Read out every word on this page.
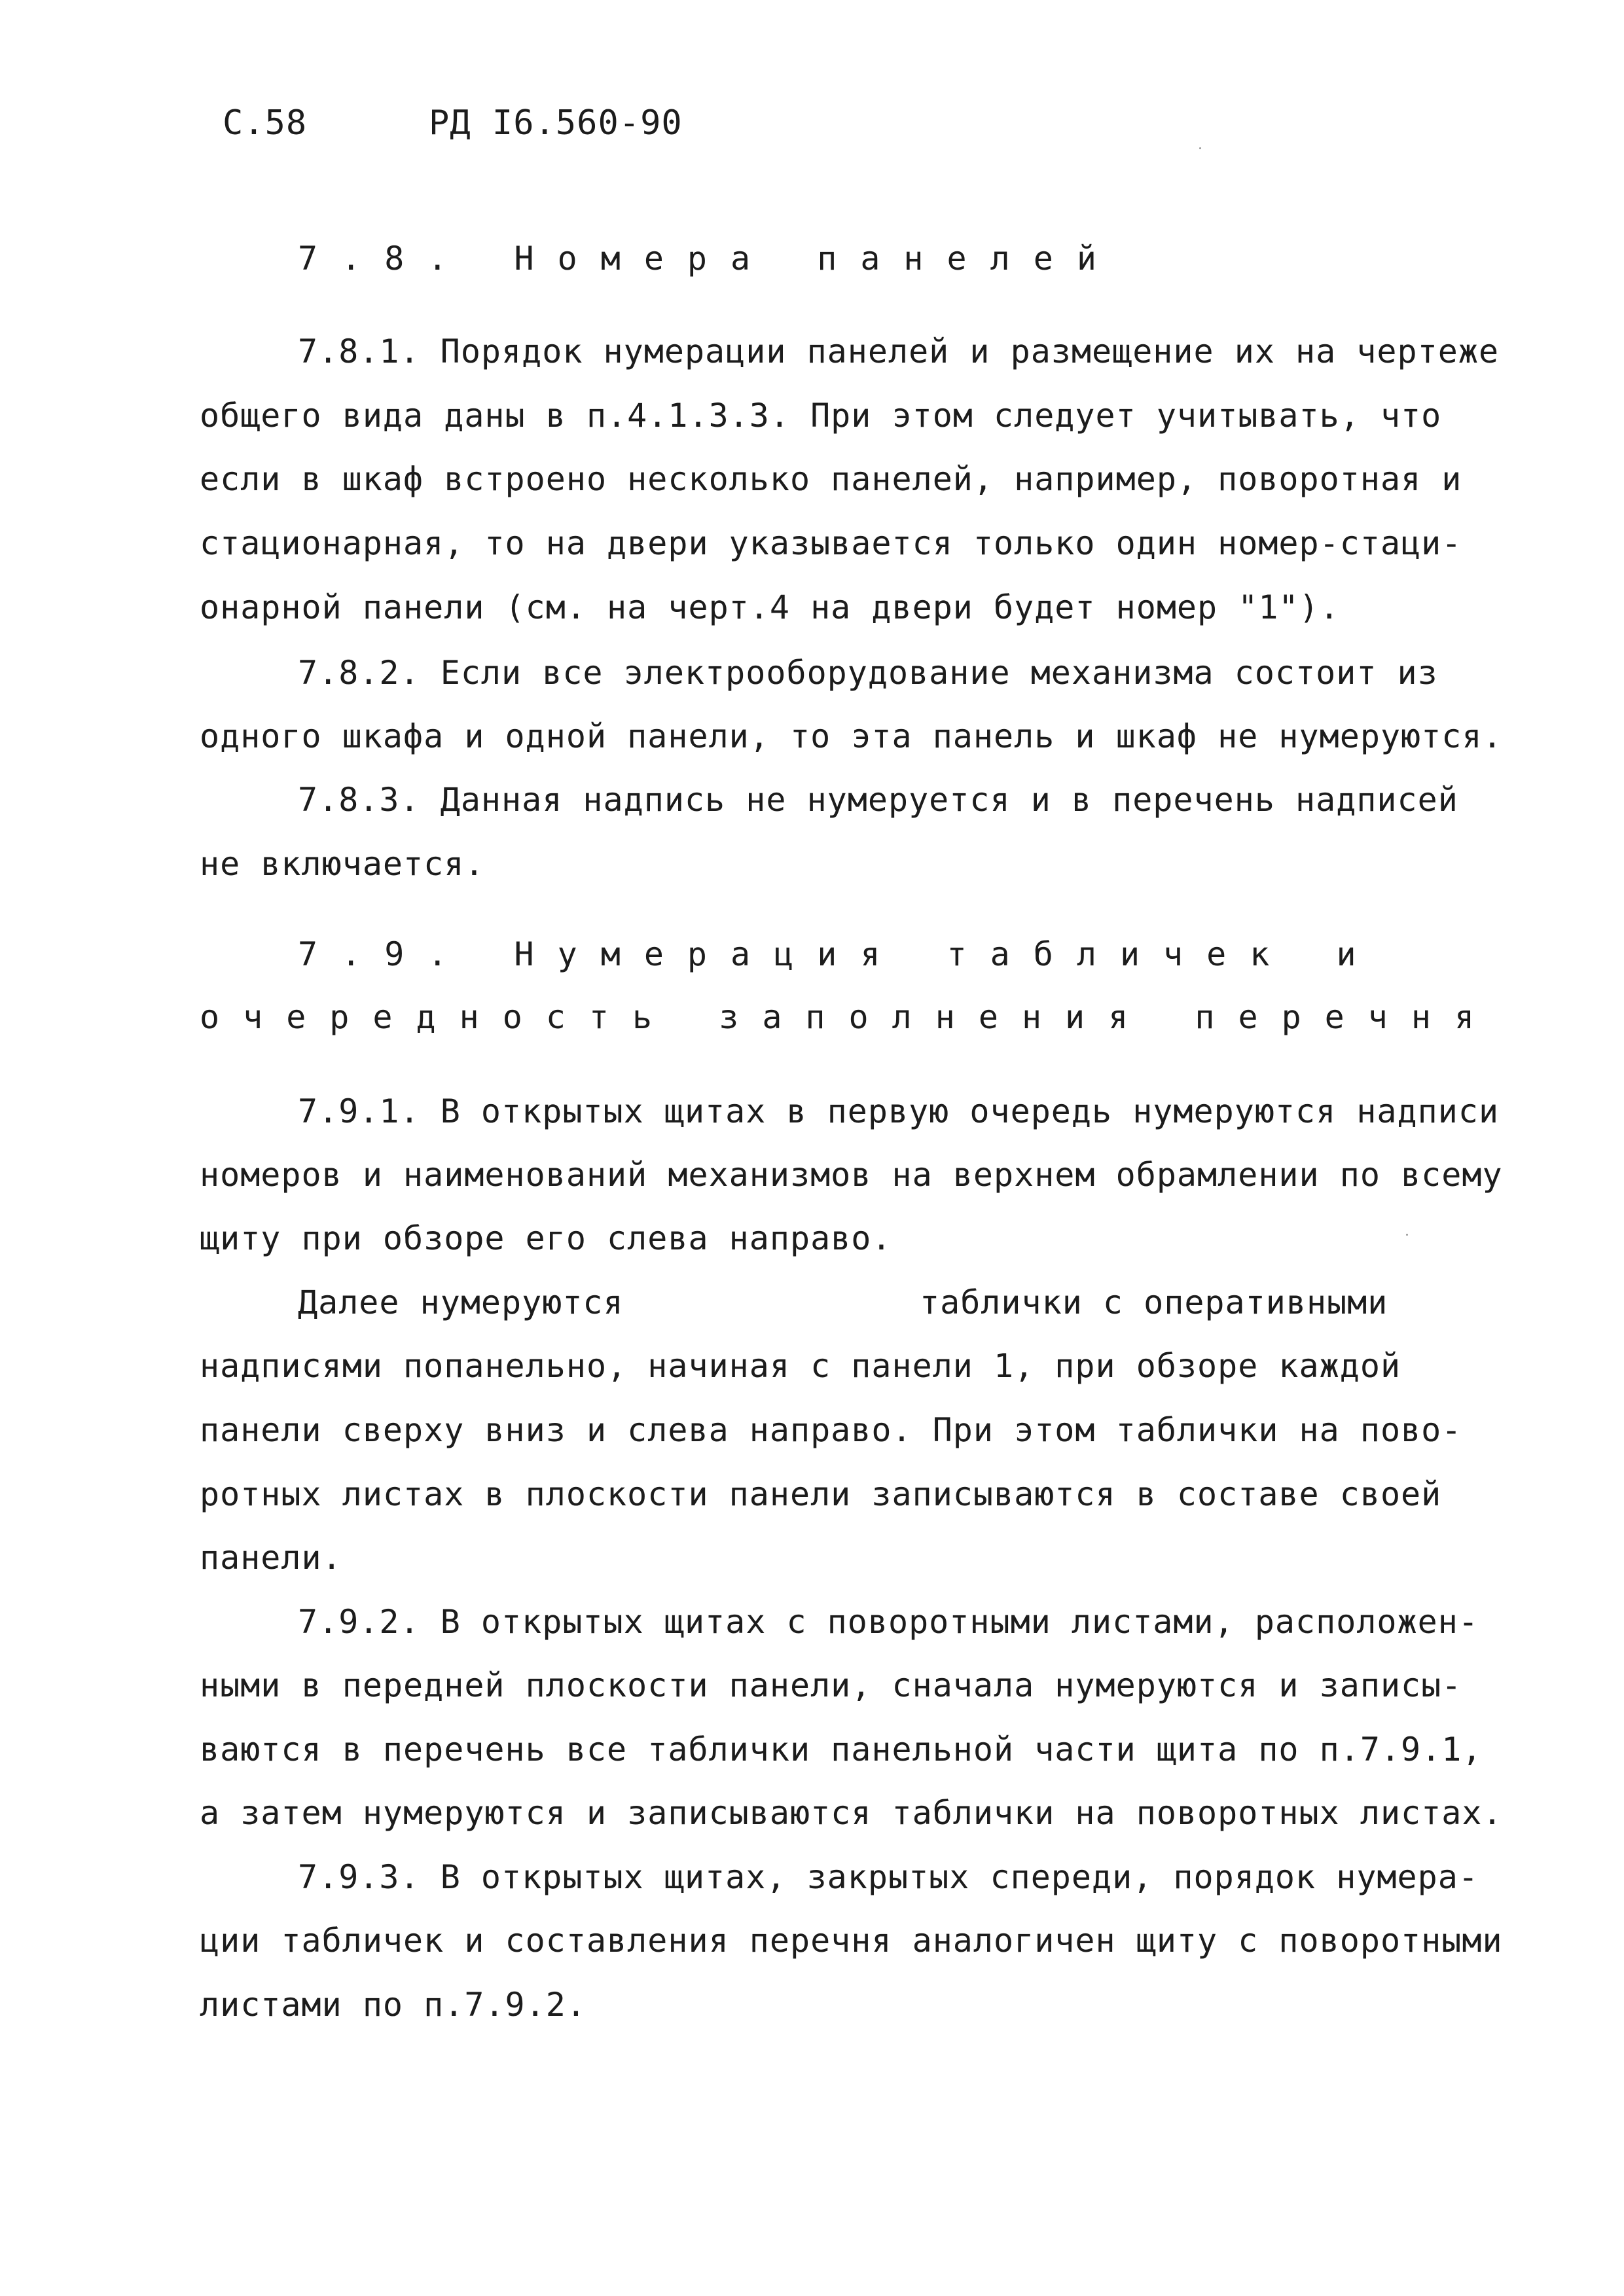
С.58	РД I6.560-90
7.8. Номера панелей
7.8.1. Порядок нумерации панелей и размещение их на чертеже
общего вида даны в п.4.1.3.3. При этом следует учитывать, что
если в шкаф встроено несколько панелей, например, поворотная и
стационарная, то на двери указывается только один номер-стаци-
онарной панели (см. на черт.4 на двери будет номер "1").
7.8.2. Если все электрооборудование механизма состоит из
одного шкафа и одной панели, то эта панель и шкаф не нумеруются.
7.8.3. Данная надпись не нумеруется и в перечень надписей
не включается.
7.9. Нумерация табличек и
очередность заполнения перечня
7.9.1. В открытых щитах в первую очередь нумеруются надписи
номеров и наименований механизмов на верхнем обрамлении по всему
щиту при обзоре его слева направо.
Далее нумеруются	таблички с оперативными
надписями попанельно, начиная с панели 1, при обзоре каждой
панели сверху вниз и слева направо. При этом таблички на пово-
ротных листах в плоскости панели записываются в составе своей
панели.
7.9.2. В открытых щитах с поворотными листами, расположен-
ными в передней плоскости панели, сначала нумеруются и записы-
ваются в перечень все таблички панельной части щита по п.7.9.1,
а затем нумеруются и записываются таблички на поворотных листах.
7.9.3. В открытых щитах, закрытых спереди, порядок нумера-
ции табличек и составления перечня аналогичен щиту с поворотными
листами по п.7.9.2.
